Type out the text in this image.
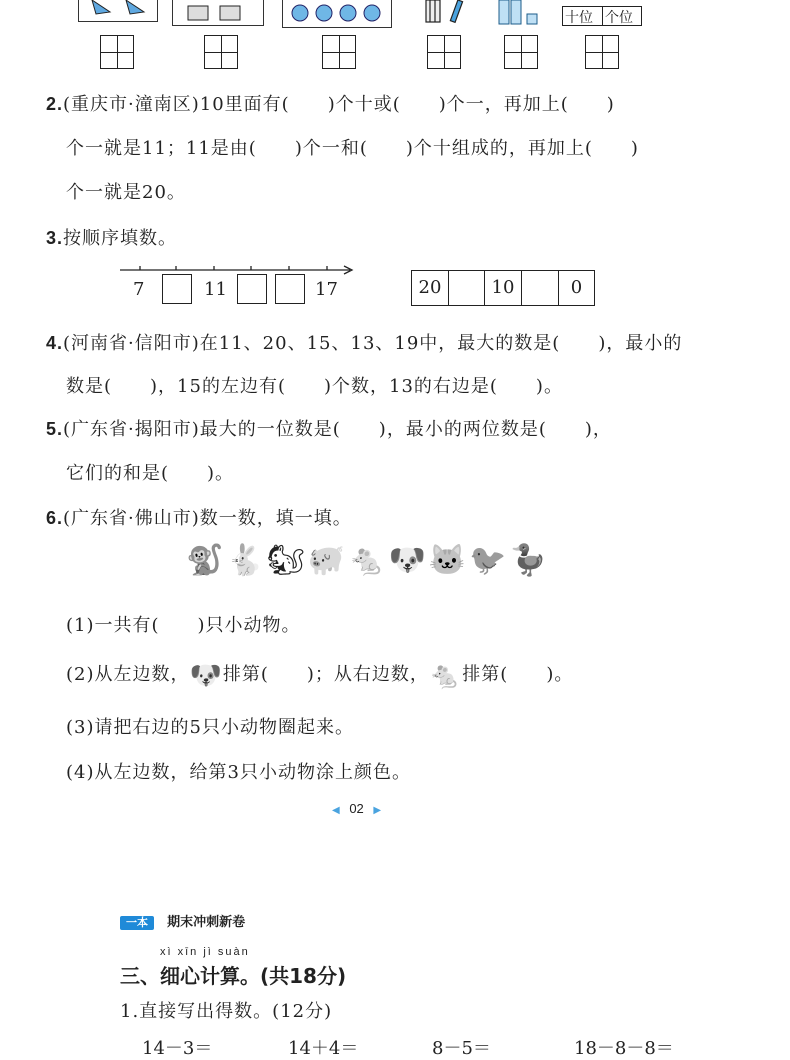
十位 个位
2.(重庆市·潼南区)10里面有(　　)个十或(　　)个一，再加上(　　)
个一就是11；11是由(　　)个一和(　　)个十组成的，再加上(　　)
个一就是20。
3.按顺序填数。
7	11	17	20	10	0
4.(河南省·信阳市)在11、20、15、13、19中，最大的数是(　　)，最小的
数是(　　)，15的左边有(　　)个数，13的右边是(　　)。
5.(广东省·揭阳市)最大的一位数是(　　)，最小的两位数是(　　)，
它们的和是(　　)。
6.(广东省·佛山市)数一数，填一填。
🐒 🐇 🐿 🐖 🐁 🐶 🐱 🐦 🦆
(1)一共有(　　)只小动物。
(2)从左边数，🐶排第(　　)；从右边数，🐁排第(　　)。
(3)请把右边的5只小动物圈起来。
(4)从左边数，给第3只小动物涂上颜色。
◀ 02 ▶
一本 期末冲刺新卷
xì xīn jì suàn
三、细心计算。(共18分)
1.直接写出得数。(12分)
14－3＝	14＋4＝	8－5＝	18－8－8＝
